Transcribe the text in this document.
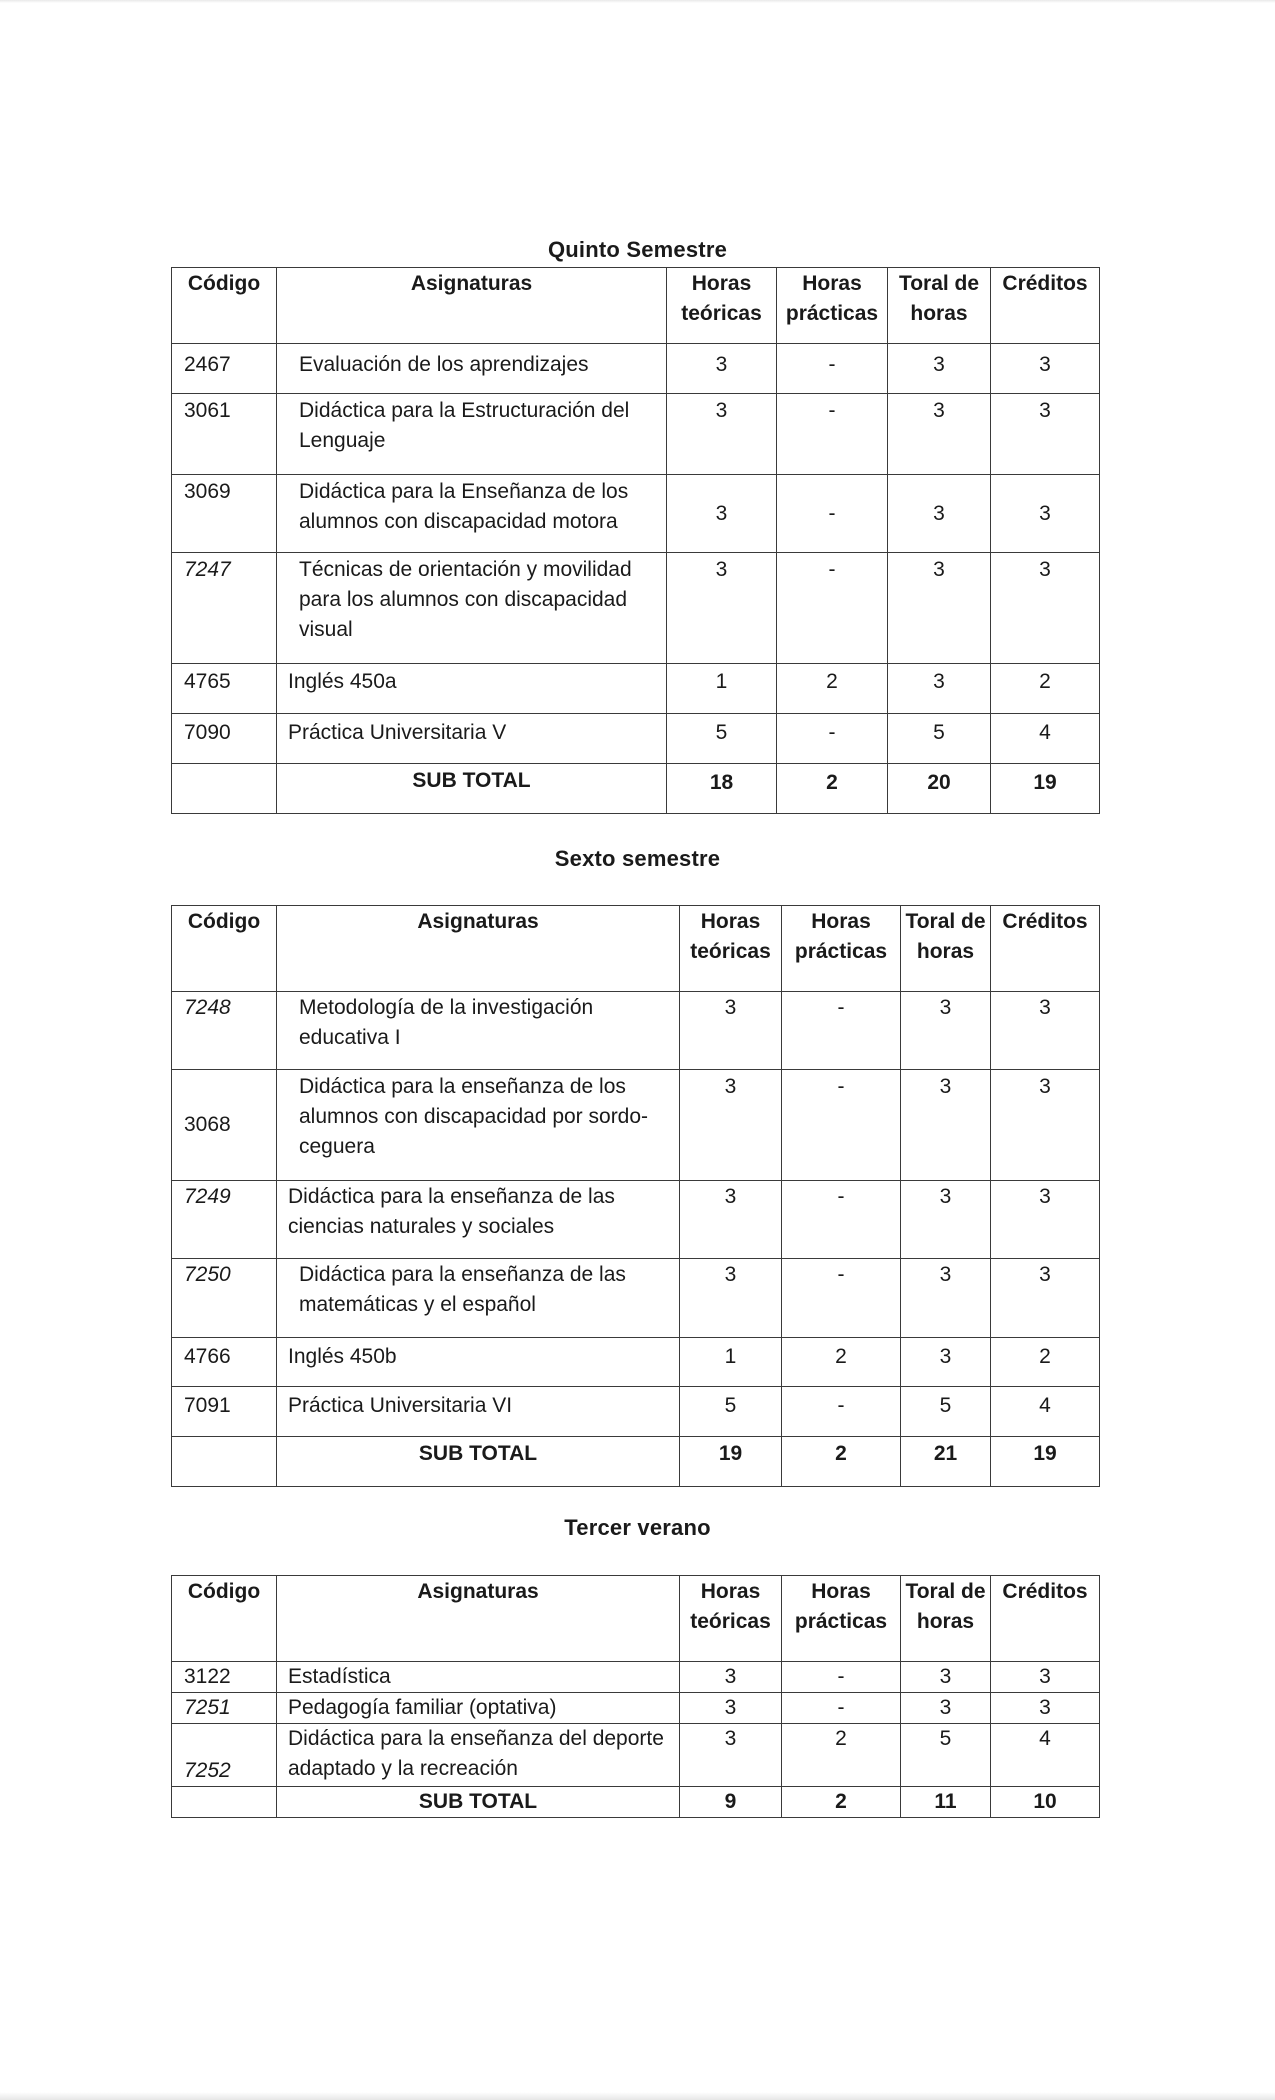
Quinto Semestre
Código	Asignaturas	Horas teóricas	Horas prácticas	Toral de horas	Créditos
2467	Evaluación de los aprendizajes	3	-	3	3
3061	Didáctica para la Estructuración del Lenguaje	3	-	3	3
3069	Didáctica para la Enseñanza de los alumnos con discapacidad motora	3	-	3	3
7247	Técnicas de orientación y movilidad para los alumnos con discapacidad visual	3	-	3	3
4765	Inglés 450a	1	2	3	2
7090	Práctica Universitaria V	5	-	5	4
	SUB TOTAL	18	2	20	19
Sexto semestre
Código	Asignaturas	Horas teóricas	Horas prácticas	Toral de horas	Créditos
7248	Metodología de la investigación educativa I	3	-	3	3
3068	Didáctica para la enseñanza de los alumnos con discapacidad por sordo-ceguera	3	-	3	3
7249	Didáctica para la enseñanza de las ciencias naturales y sociales	3	-	3	3
7250	Didáctica para la enseñanza de las matemáticas y el español	3	-	3	3
4766	Inglés 450b	1	2	3	2
7091	Práctica Universitaria VI	5	-	5	4
	SUB TOTAL	19	2	21	19
Tercer verano
Código	Asignaturas	Horas teóricas	Horas prácticas	Toral de horas	Créditos
3122	Estadística	3	-	3	3
7251	Pedagogía familiar (optativa)	3	-	3	3
7252	Didáctica para la enseñanza del deporte adaptado y la recreación	3	2	5	4
	SUB TOTAL	9	2	11	10
